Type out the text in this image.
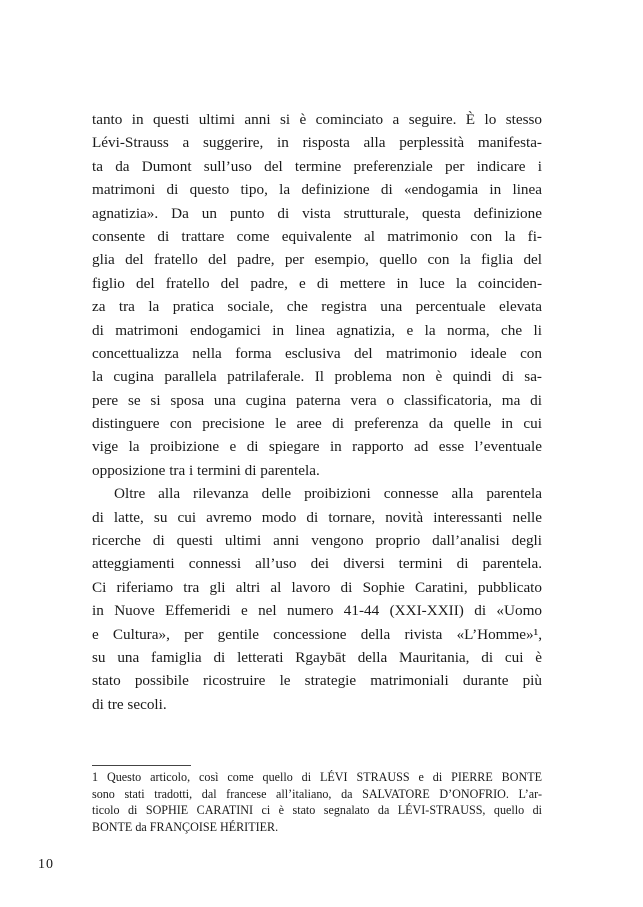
tanto in questi ultimi anni si è cominciato a seguire. È lo stesso
Lévi-Strauss a suggerire, in risposta alla perplessità manifesta-
ta da Dumont sull’uso del termine preferenziale per indicare i
matrimoni di questo tipo, la definizione di «endogamia in linea
agnatizia». Da un punto di vista strutturale, questa definizione
consente di trattare come equivalente al matrimonio con la fi-
glia del fratello del padre, per esempio, quello con la figlia del
figlio del fratello del padre, e di mettere in luce la coinciden-
za tra la pratica sociale, che registra una percentuale elevata
di matrimoni endogamici in linea agnatizia, e la norma, che li
concettualizza nella forma esclusiva del matrimonio ideale con
la cugina parallela patrilaferale. Il problema non è quindi di sa-
pere se si sposa una cugina paterna vera o classificatoria, ma di
distinguere con precisione le aree di preferenza da quelle in cui
vige la proibizione e di spiegare in rapporto ad esse l’eventuale
opposizione tra i termini di parentela.
Oltre alla rilevanza delle proibizioni connesse alla parentela
di latte, su cui avremo modo di tornare, novità interessanti nelle
ricerche di questi ultimi anni vengono proprio dall’analisi degli
atteggiamenti connessi all’uso dei diversi termini di parentela.
Ci riferiamo tra gli altri al lavoro di Sophie Caratini, pubblicato
in Nuove Effemeridi e nel numero 41-44 (XXI-XXII) di «Uomo
e Cultura», per gentile concessione della rivista «L’Homme»¹,
su una famiglia di letterati Rgaybāt della Mauritania, di cui è
stato possibile ricostruire le strategie matrimoniali durante più
di tre secoli.
1 Questo articolo, così come quello di LÉVI STRAUSS e di PIERRE BONTE
sono stati tradotti, dal francese all’italiano, da SALVATORE D’ONOFRIO. L’ar-
ticolo di SOPHIE CARATINI ci è stato segnalato da LÉVI-STRAUSS, quello di
BONTE da FRANÇOISE HÉRITIER.
10
